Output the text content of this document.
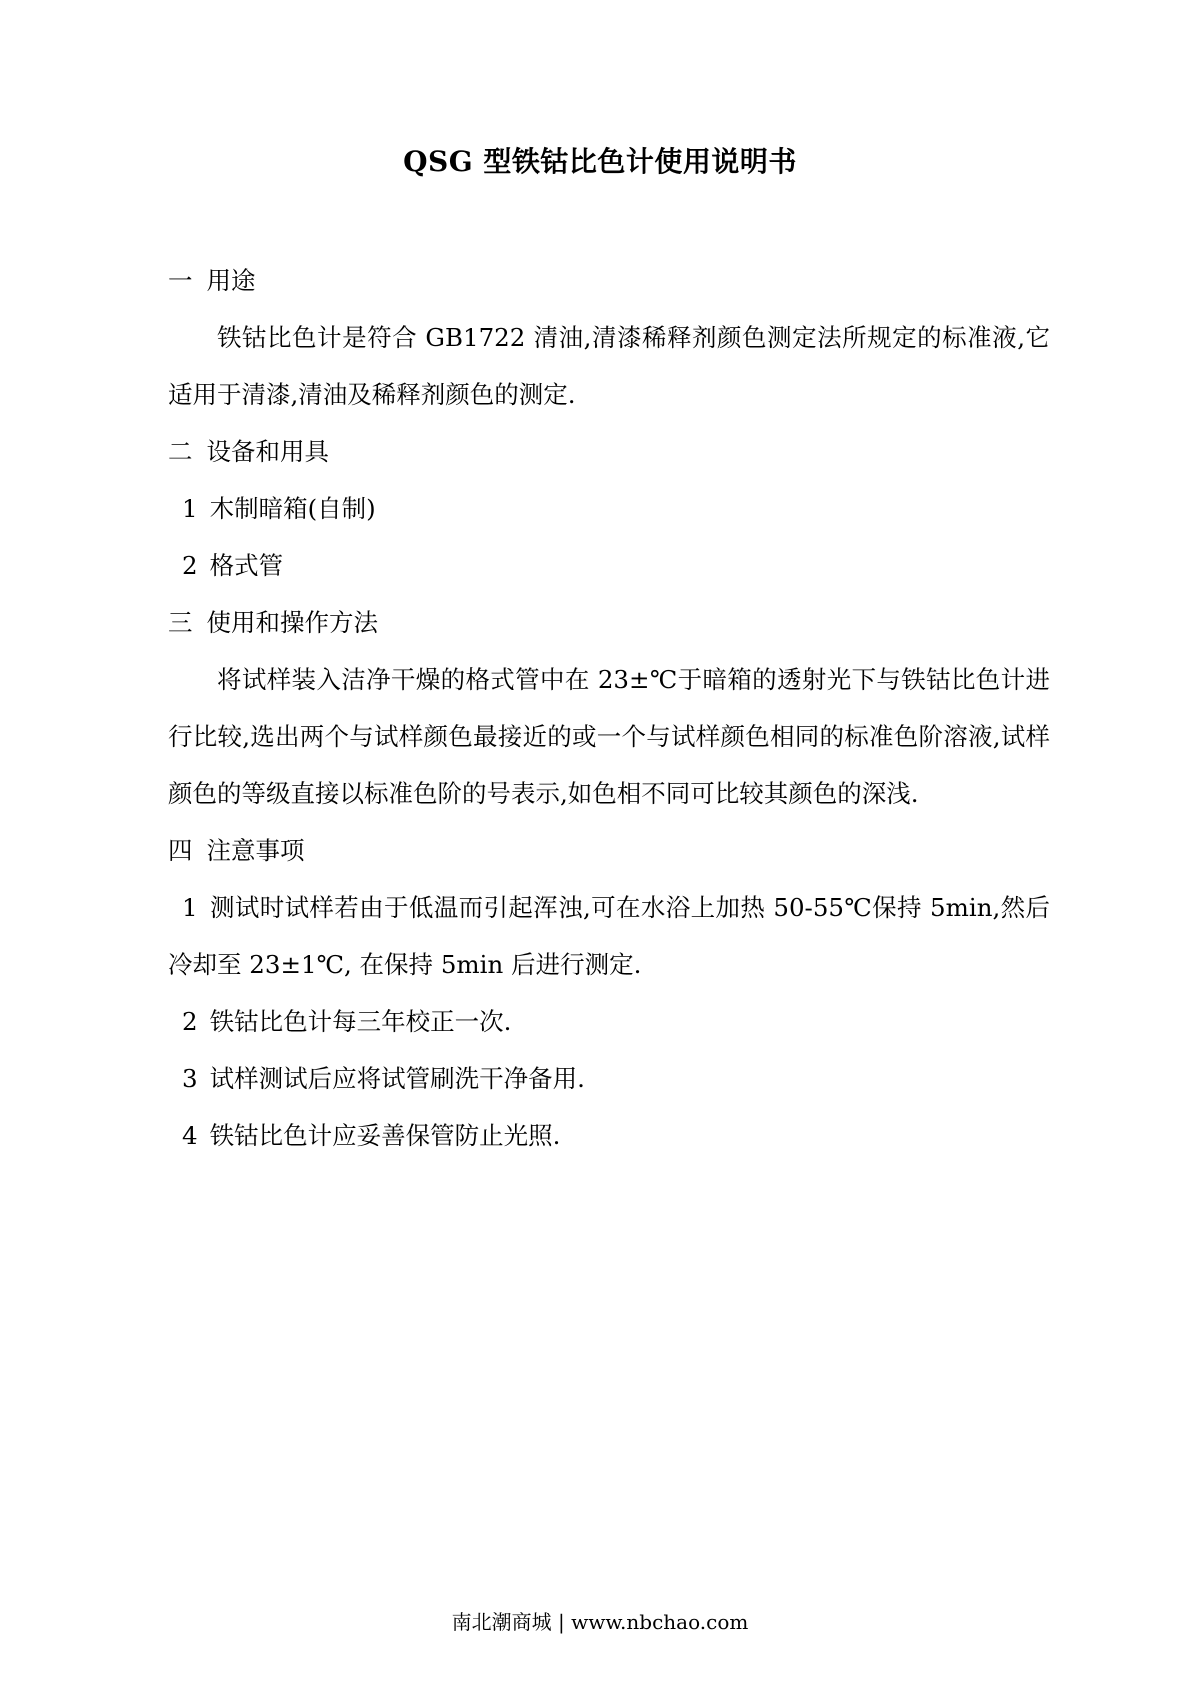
QSG 型铁钴比色计使用说明书

一 用途

铁钴比色计是符合 GB1722 清油,清漆稀释剂颜色测定法所规定的标准液,它适用于清漆,清油及稀释剂颜色的测定.

二 设备和用具

1 木制暗箱(自制)

2 格式管

三 使用和操作方法

将试样装入洁净干燥的格式管中在 23±℃于暗箱的透射光下与铁钴比色计进行比较,选出两个与试样颜色最接近的或一个与试样颜色相同的标准色阶溶液,试样颜色的等级直接以标准色阶的号表示,如色相不同可比较其颜色的深浅.

四 注意事项

1 测试时试样若由于低温而引起浑浊,可在水浴上加热 50-55℃保持 5min,然后冷却至 23±1℃, 在保持 5min 后进行测定.

2 铁钴比色计每三年校正一次.

3 试样测试后应将试管刷洗干净备用.

4 铁钴比色计应妥善保管防止光照.

南北潮商城 | www.nbchao.com
